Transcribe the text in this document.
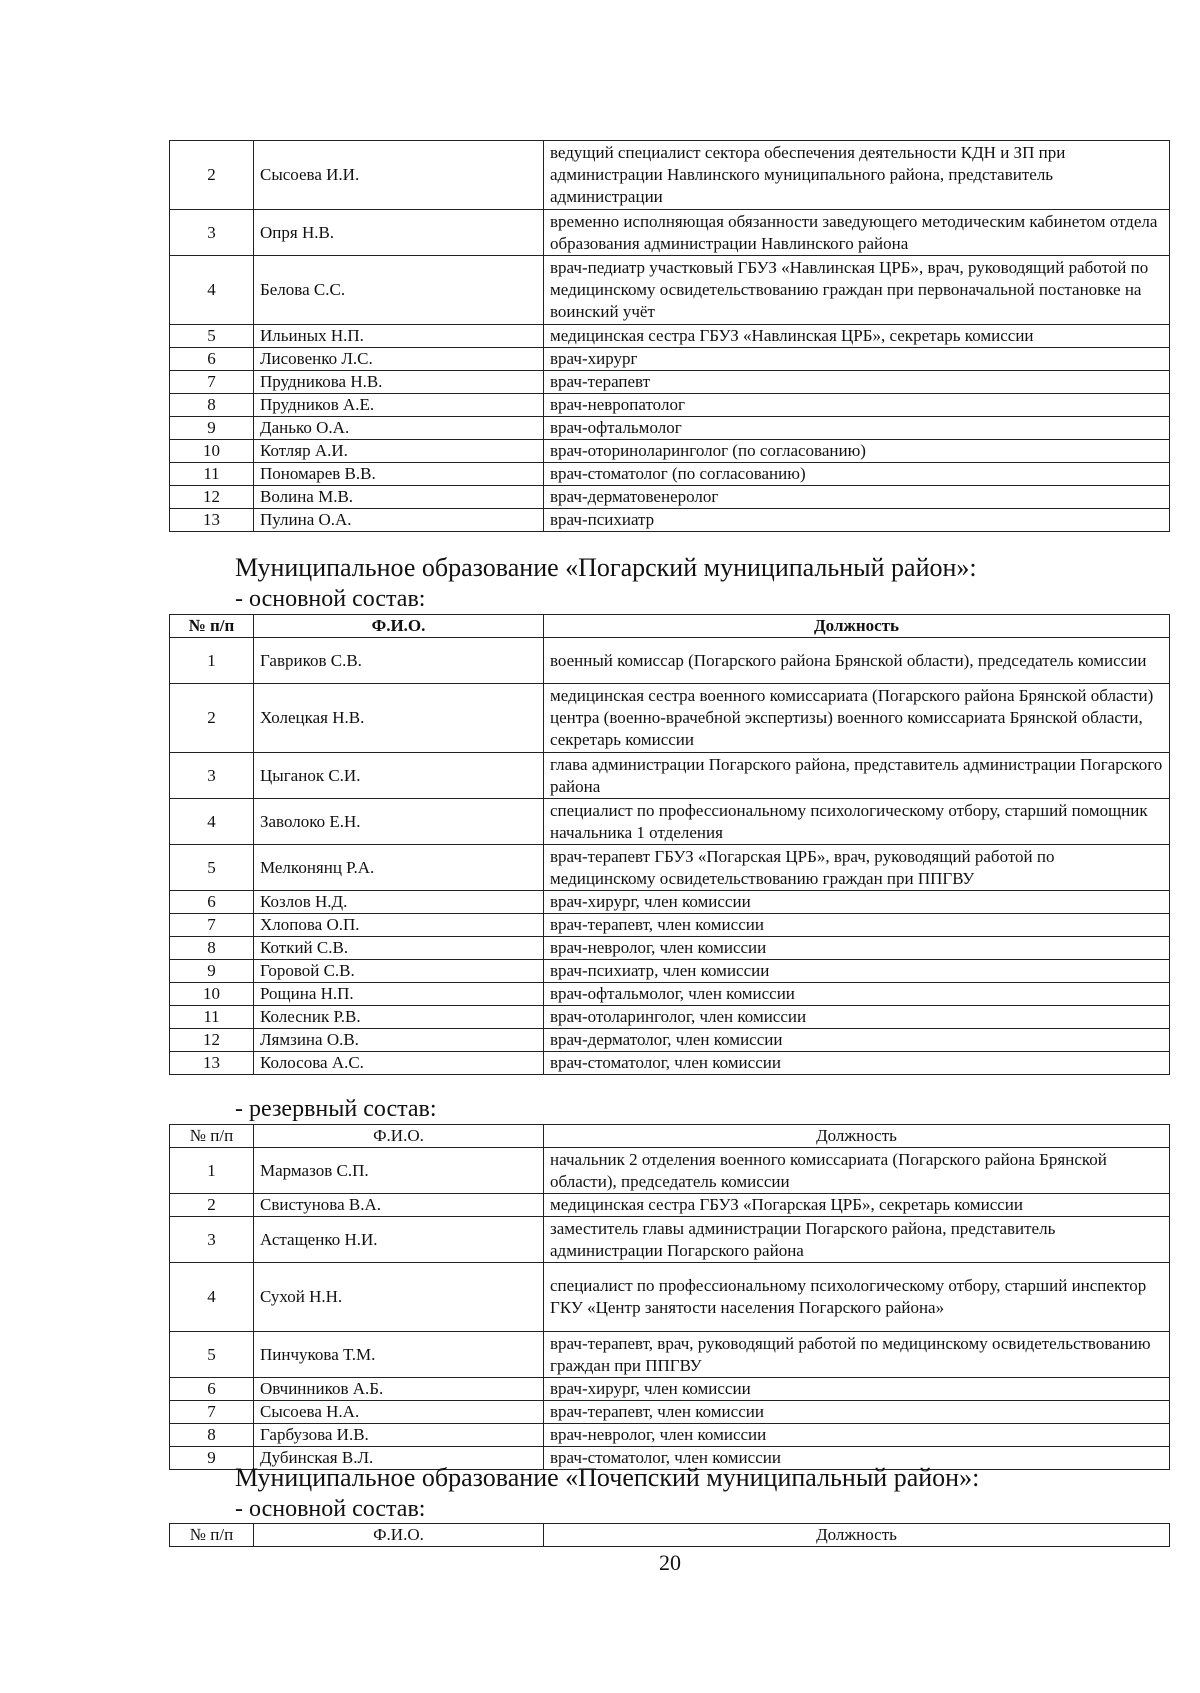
2	Сысоева И.И.	ведущий специалист сектора обеспечения деятельности КДН и ЗП при администрации Навлинского муниципального района, представитель администрации
3	Опря Н.В.	временно исполняющая обязанности заведующего методическим кабинетом отдела образования администрации Навлинского района
4	Белова С.С.	врач-педиатр участковый ГБУЗ «Навлинская ЦРБ», врач, руководящий работой по медицинскому освидетельствованию граждан при первоначальной постановке на воинский учёт
5	Ильиных Н.П.	медицинская сестра ГБУЗ «Навлинская ЦРБ», секретарь комиссии
6	Лисовенко Л.С.	врач-хирург
7	Прудникова Н.В.	врач-терапевт
8	Прудников А.Е.	врач-невропатолог
9	Данько О.А.	врач-офтальмолог
10	Котляр А.И.	врач-оториноларинголог (по согласованию)
11	Пономарев В.В.	врач-стоматолог (по согласованию)
12	Волина М.В.	врач-дерматовенеролог
13	Пулина О.А.	врач-психиатр
Муниципальное образование «Погарский муниципальный район»:
- основной состав:
№ п/п	Ф.И.О.	Должность
1	Гавриков С.В.	военный комиссар (Погарского района Брянской области), председатель комиссии
2	Холецкая Н.В.	медицинская сестра военного комиссариата (Погарского района Брянской области) центра (военно-врачебной экспертизы) военного комиссариата Брянской области, секретарь комиссии
3	Цыганок С.И.	глава администрации Погарского района, представитель администрации Погарского района
4	Заволоко Е.Н.	специалист по профессиональному психологическому отбору, старший помощник начальника 1 отделения
5	Мелконянц Р.А.	врач-терапевт ГБУЗ «Погарская ЦРБ», врач, руководящий работой по медицинскому освидетельствованию граждан при ППГВУ
6	Козлов Н.Д.	врач-хирург, член комиссии
7	Хлопова О.П.	врач-терапевт, член комиссии
8	Коткий С.В.	врач-невролог, член комиссии
9	Горовой С.В.	врач-психиатр, член комиссии
10	Рощина Н.П.	врач-офтальмолог, член комиссии
11	Колесник Р.В.	врач-отоларинголог, член комиссии
12	Лямзина О.В.	врач-дерматолог, член комиссии
13	Колосова А.С.	врач-стоматолог, член комиссии
- резервный состав:
№ п/п	Ф.И.О.	Должность
1	Мармазов С.П.	начальник 2 отделения военного комиссариата (Погарского района Брянской области), председатель комиссии
2	Свистунова В.А.	медицинская сестра ГБУЗ «Погарская ЦРБ», секретарь комиссии
3	Астащенко Н.И.	заместитель главы администрации Погарского района, представитель администрации Погарского района
4	Сухой Н.Н.	специалист по профессиональному психологическому отбору, старший инспектор ГКУ «Центр занятости населения Погарского района»
5	Пинчукова Т.М.	врач-терапевт, врач, руководящий работой по медицинскому освидетельствованию граждан при ППГВУ
6	Овчинников А.Б.	врач-хирург, член комиссии
7	Сысоева Н.А.	врач-терапевт, член комиссии
8	Гарбузова И.В.	врач-невролог, член комиссии
9	Дубинская В.Л.	врач-стоматолог, член комиссии
Муниципальное образование «Почепский муниципальный район»:
- основной состав:
№ п/п	Ф.И.О.	Должность
20
